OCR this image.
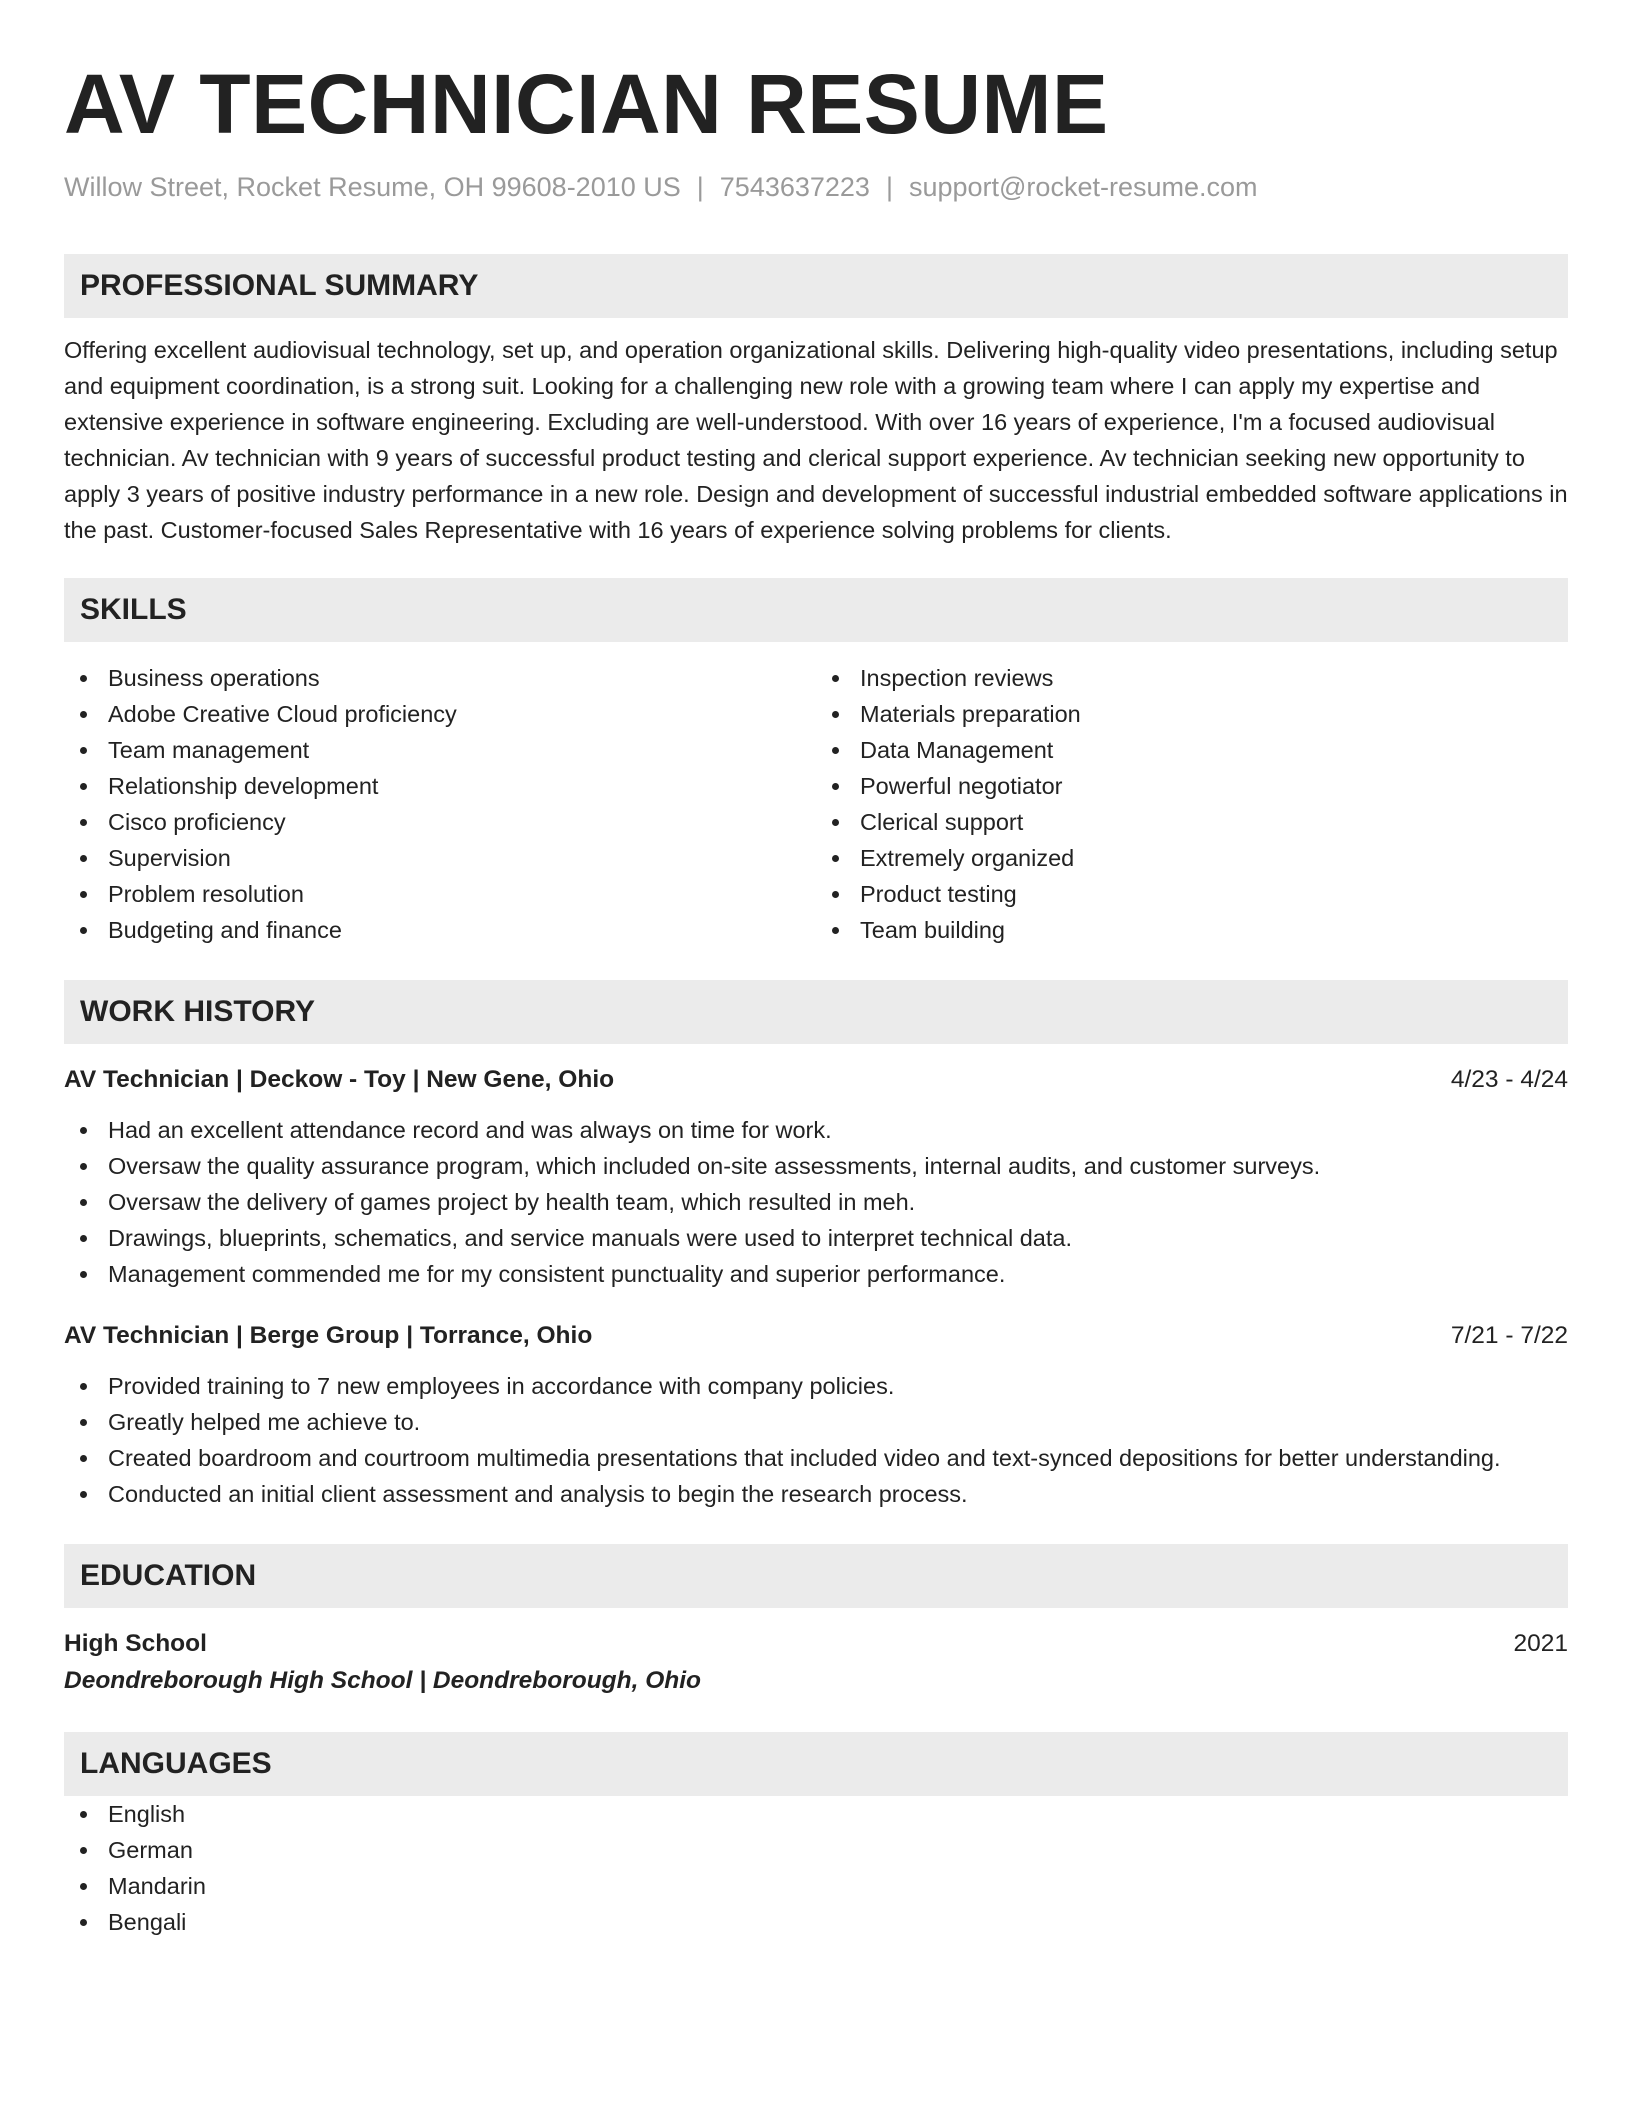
AV TECHNICIAN RESUME
Willow Street, Rocket Resume, OH 99608-2010 US | 7543637223 | support@rocket-resume.com
PROFESSIONAL SUMMARY
Offering excellent audiovisual technology, set up, and operation organizational skills. Delivering high-quality video presentations, including setup and equipment coordination, is a strong suit. Looking for a challenging new role with a growing team where I can apply my expertise and extensive experience in software engineering. Excluding are well-understood. With over 16 years of experience, I'm a focused audiovisual technician. Av technician with 9 years of successful product testing and clerical support experience. Av technician seeking new opportunity to apply 3 years of positive industry performance in a new role. Design and development of successful industrial embedded software applications in the past. Customer-focused Sales Representative with 16 years of experience solving problems for clients.
SKILLS
Business operations
Adobe Creative Cloud proficiency
Team management
Relationship development
Cisco proficiency
Supervision
Problem resolution
Budgeting and finance
Inspection reviews
Materials preparation
Data Management
Powerful negotiator
Clerical support
Extremely organized
Product testing
Team building
WORK HISTORY
AV Technician | Deckow - Toy | New Gene, Ohio	4/23 - 4/24
Had an excellent attendance record and was always on time for work.
Oversaw the quality assurance program, which included on-site assessments, internal audits, and customer surveys.
Oversaw the delivery of games project by health team, which resulted in meh.
Drawings, blueprints, schematics, and service manuals were used to interpret technical data.
Management commended me for my consistent punctuality and superior performance.
AV Technician | Berge Group | Torrance, Ohio	7/21 - 7/22
Provided training to 7 new employees in accordance with company policies.
Greatly helped me achieve to.
Created boardroom and courtroom multimedia presentations that included video and text-synced depositions for better understanding.
Conducted an initial client assessment and analysis to begin the research process.
EDUCATION
High School	2021
Deondreborough High School | Deondreborough, Ohio
LANGUAGES
English
German
Mandarin
Bengali
